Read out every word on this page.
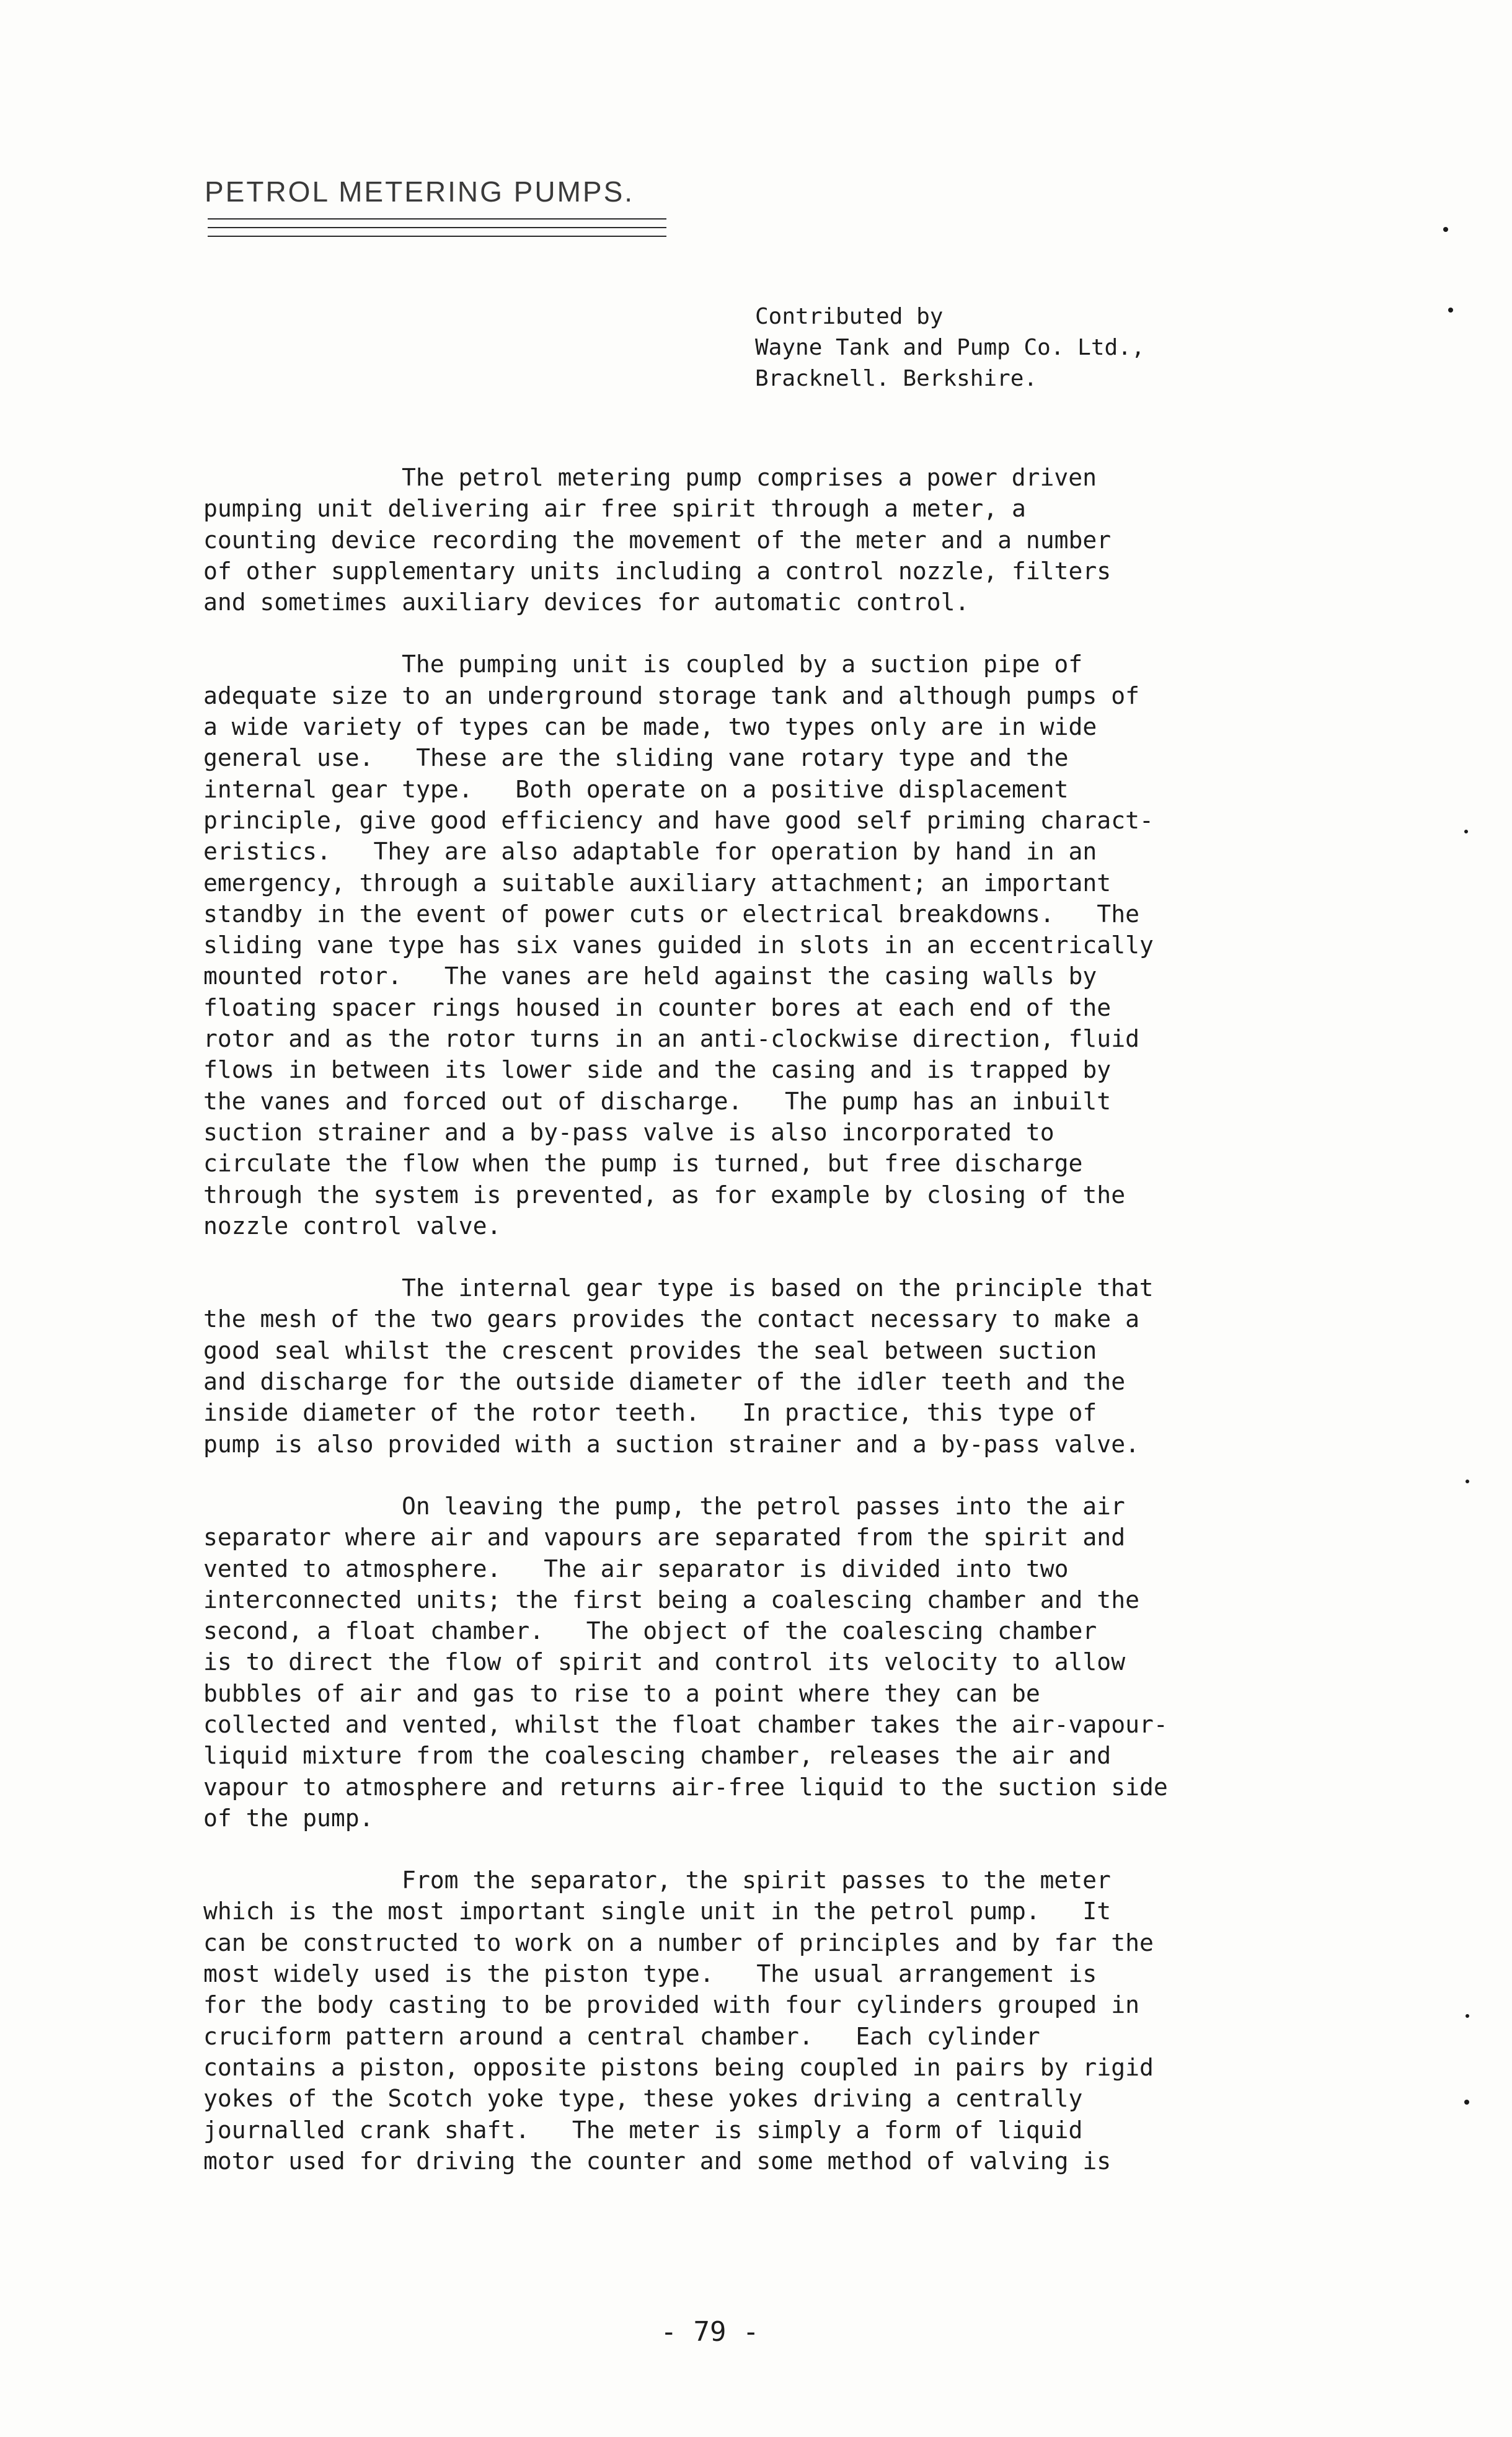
PETROL METERING PUMPS.
Contributed by
Wayne Tank and Pump Co. Ltd.,
Bracknell. Berkshire.
The petrol metering pump comprises a power driven
pumping unit delivering air free spirit through a meter, a
counting device recording the movement of the meter and a number
of other supplementary units including a control nozzle, filters
and sometimes auxiliary devices for automatic control.
The pumping unit is coupled by a suction pipe of
adequate size to an underground storage tank and although pumps of
a wide variety of types can be made, two types only are in wide
general use.   These are the sliding vane rotary type and the
internal gear type.   Both operate on a positive displacement
principle, give good efficiency and have good self priming charact-
eristics.   They are also adaptable for operation by hand in an
emergency, through a suitable auxiliary attachment; an important
standby in the event of power cuts or electrical breakdowns.   The
sliding vane type has six vanes guided in slots in an eccentrically
mounted rotor.   The vanes are held against the casing walls by
floating spacer rings housed in counter bores at each end of the
rotor and as the rotor turns in an anti-clockwise direction, fluid
flows in between its lower side and the casing and is trapped by
the vanes and forced out of discharge.   The pump has an inbuilt
suction strainer and a by-pass valve is also incorporated to
circulate the flow when the pump is turned, but free discharge
through the system is prevented, as for example by closing of the
nozzle control valve.
The internal gear type is based on the principle that
the mesh of the two gears provides the contact necessary to make a
good seal whilst the crescent provides the seal between suction
and discharge for the outside diameter of the idler teeth and the
inside diameter of the rotor teeth.   In practice, this type of
pump is also provided with a suction strainer and a by-pass valve.
On leaving the pump, the petrol passes into the air
separator where air and vapours are separated from the spirit and
vented to atmosphere.   The air separator is divided into two
interconnected units; the first being a coalescing chamber and the
second, a float chamber.   The object of the coalescing chamber
is to direct the flow of spirit and control its velocity to allow
bubbles of air and gas to rise to a point where they can be
collected and vented, whilst the float chamber takes the air-vapour-
liquid mixture from the coalescing chamber, releases the air and
vapour to atmosphere and returns air-free liquid to the suction side
of the pump.
From the separator, the spirit passes to the meter
which is the most important single unit in the petrol pump.   It
can be constructed to work on a number of principles and by far the
most widely used is the piston type.   The usual arrangement is
for the body casting to be provided with four cylinders grouped in
cruciform pattern around a central chamber.   Each cylinder
contains a piston, opposite pistons being coupled in pairs by rigid
yokes of the Scotch yoke type, these yokes driving a centrally
journalled crank shaft.   The meter is simply a form of liquid
motor used for driving the counter and some method of valving is
- 79 -
